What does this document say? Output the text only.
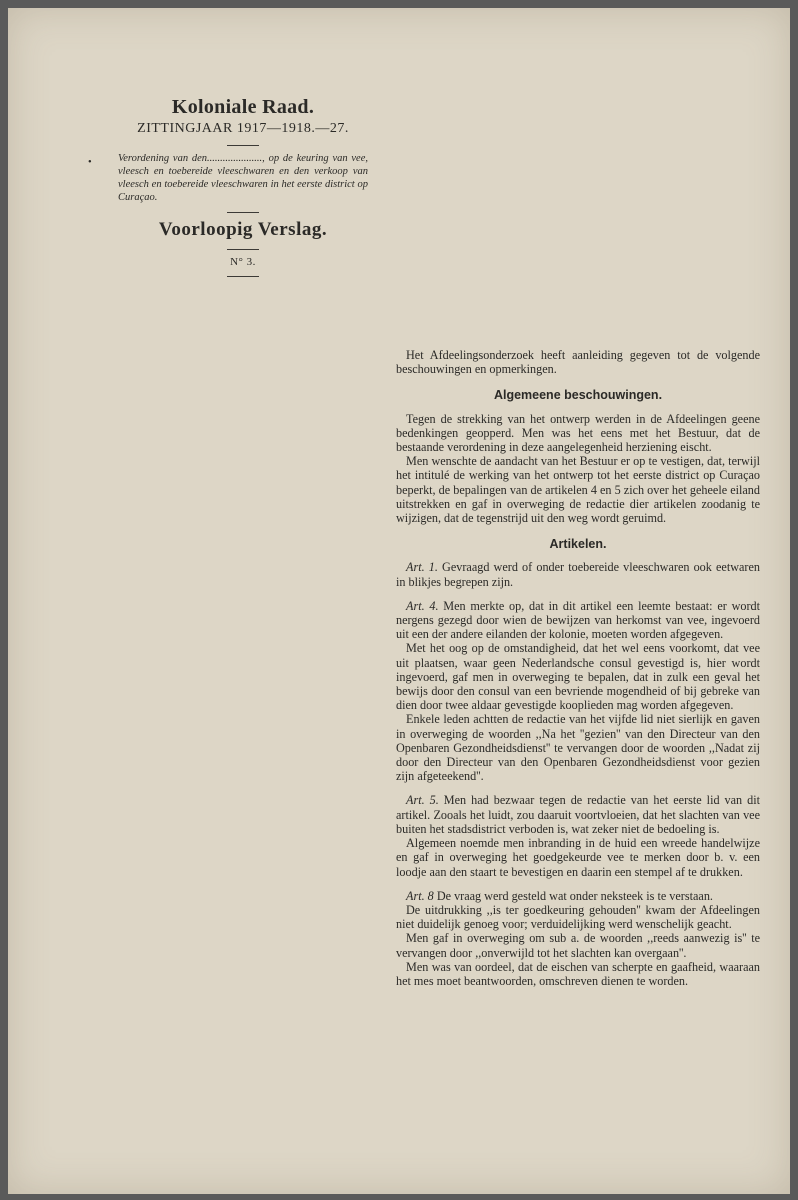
Koloniale Raad.
ZITTINGJAAR 1917—1918.—27.
•	Verordening van den....................., op de keuring van vee, vleesch en toebereide vleeschwaren en den verkoop van vleesch en toebereide vleeschwaren in het eerste district op Curaçao.
Voorloopig Verslag.
N° 3.

Het Afdeelingsonderzoek heeft aanleiding gegeven tot de volgende beschouwingen en opmerkingen.

Algemeene beschouwingen.

Tegen de strekking van het ontwerp werden in de Afdeelingen geene bedenkingen geopperd. Men was het eens met het Bestuur, dat de bestaande verordening in deze aangelegenheid herziening eischt.

Men wenschte de aandacht van het Bestuur er op te vestigen, dat, terwijl het intitulé de werking van het ontwerp tot het eerste district op Curaçao beperkt, de bepalingen van de artikelen 4 en 5 zich over het geheele eiland uitstrekken en gaf in overweging de redactie dier artikelen zoodanig te wijzigen, dat de tegenstrijd uit den weg wordt geruimd.

Artikelen.

Art. 1. Gevraagd werd of onder toebereide vleeschwaren ook eetwaren in blikjes begrepen zijn.

Art. 4. Men merkte op, dat in dit artikel een leemte bestaat: er wordt nergens gezegd door wien de bewijzen van herkomst van vee, ingevoerd uit een der andere eilanden der kolonie, moeten worden afgegeven.

Met het oog op de omstandigheid, dat het wel eens voorkomt, dat vee uit plaatsen, waar geen Nederlandsche consul gevestigd is, hier wordt ingevoerd, gaf men in overweging te bepalen, dat in zulk een geval het bewijs door den consul van een bevriende mogendheid of bij gebreke van dien door twee aldaar gevestigde kooplieden mag worden afgegeven.

Enkele leden achtten de redactie van het vijfde lid niet sierlijk en gaven in overweging de woorden ,,Na het ''gezien'' van den Directeur van den Openbaren Gezondheidsdienst'' te vervangen door de woorden ,,Nadat zij door den Directeur van den Openbaren Gezondheidsdienst voor gezien zijn afgeteekend''.

Art. 5. Men had bezwaar tegen de redactie van het eerste lid van dit artikel. Zooals het luidt, zou daaruit voortvloeien, dat het slachten van vee buiten het stadsdistrict verboden is, wat zeker niet de bedoeling is.

Algemeen noemde men inbranding in de huid een wreede handelwijze en gaf in overweging het goedgekeurde vee te merken door b. v. een loodje aan den staart te bevestigen en daarin een stempel af te drukken.

Art. 8 De vraag werd gesteld wat onder neksteek is te verstaan.

De uitdrukking ,,is ter goedkeuring gehouden'' kwam der Afdeelingen niet duidelijk genoeg voor; verduidelijking werd wenschelijk geacht.

Men gaf in overweging om sub a. de woorden ,,reeds aanwezig is'' te vervangen door ,,onverwijld tot het slachten kan overgaan''.

Men was van oordeel, dat de eischen van scherpte en gaafheid, waaraan het mes moet beantwoorden, omschreven dienen te worden.
